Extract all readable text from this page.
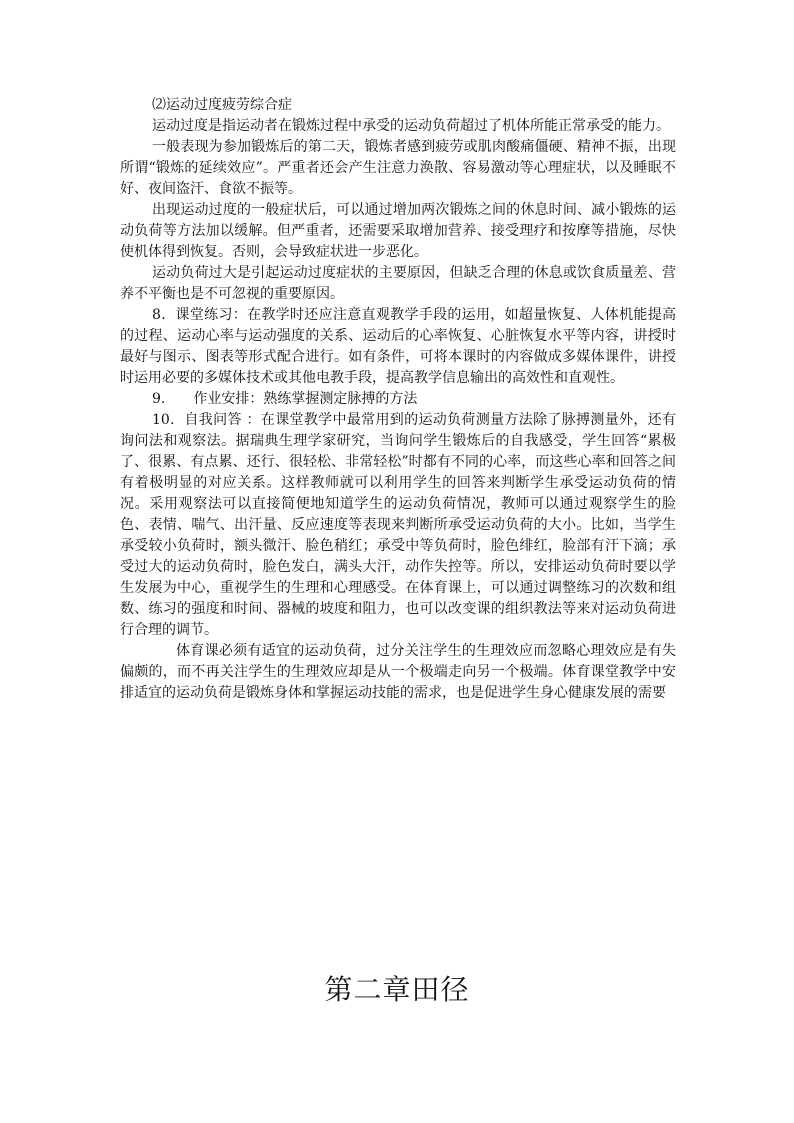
⑵运动过度疲劳综合症

运动过度是指运动者在锻炼过程中承受的运动负荷超过了机体所能正常承受的能力。

一般表现为参加锻炼后的第二天，锻炼者感到疲劳或肌肉酸痛僵硬、精神不振，出现所谓“锻炼的延续效应”。严重者还会产生注意力涣散、容易激动等心理症状，以及睡眠不好、夜间盗汗、食欲不振等。

出现运动过度的一般症状后，可以通过增加两次锻炼之间的休息时间、减小锻炼的运动负荷等方法加以缓解。但严重者，还需要采取增加营养、接受理疗和按摩等措施，尽快使机体得到恢复。否则，会导致症状进一步恶化。

运动负荷过大是引起运动过度症状的主要原因，但缺乏合理的休息或饮食质量差、营养不平衡也是不可忽视的重要原因。

8．课堂练习：在教学时还应注意直观教学手段的运用，如超量恢复、人体机能提高的过程、运动心率与运动强度的关系、运动后的心率恢复、心脏恢复水平等内容，讲授时最好与图示、图表等形式配合进行。如有条件，可将本课时的内容做成多媒体课件，讲授时运用必要的多媒体技术或其他电教手段，提高教学信息输出的高效性和直观性。

9.　　作业安排：熟练掌握测定脉搏的方法

10．自我问答 ：在课堂教学中最常用到的运动负荷测量方法除了脉搏测量外，还有询问法和观察法。据瑞典生理学家研究，当询问学生锻炼后的自我感受，学生回答“累极了、很累、有点累、还行、很轻松、非常轻松”时都有不同的心率，而这些心率和回答之间有着极明显的对应关系。这样教师就可以利用学生的回答来判断学生承受运动负荷的情况。采用观察法可以直接简便地知道学生的运动负荷情况，教师可以通过观察学生的脸色、表情、喘气、出汗量、反应速度等表现来判断所承受运动负荷的大小。比如，当学生承受较小负荷时，额头微汗、脸色稍红；承受中等负荷时，脸色绯红，脸部有汗下滴；承受过大的运动负荷时，脸色发白，满头大汗，动作失控等。所以，安排运动负荷时要以学生发展为中心，重视学生的生理和心理感受。在体育课上，可以通过调整练习的次数和组数、练习的强度和时间、器械的坡度和阻力，也可以改变课的组织教法等来对运动负荷进行合理的调节。

体育课必须有适宜的运动负荷，过分关注学生的生理效应而忽略心理效应是有失偏颇的，而不再关注学生的生理效应却是从一个极端走向另一个极端。体育课堂教学中安排适宜的运动负荷是锻炼身体和掌握运动技能的需求，也是促进学生身心健康发展的需要

第二章田径
